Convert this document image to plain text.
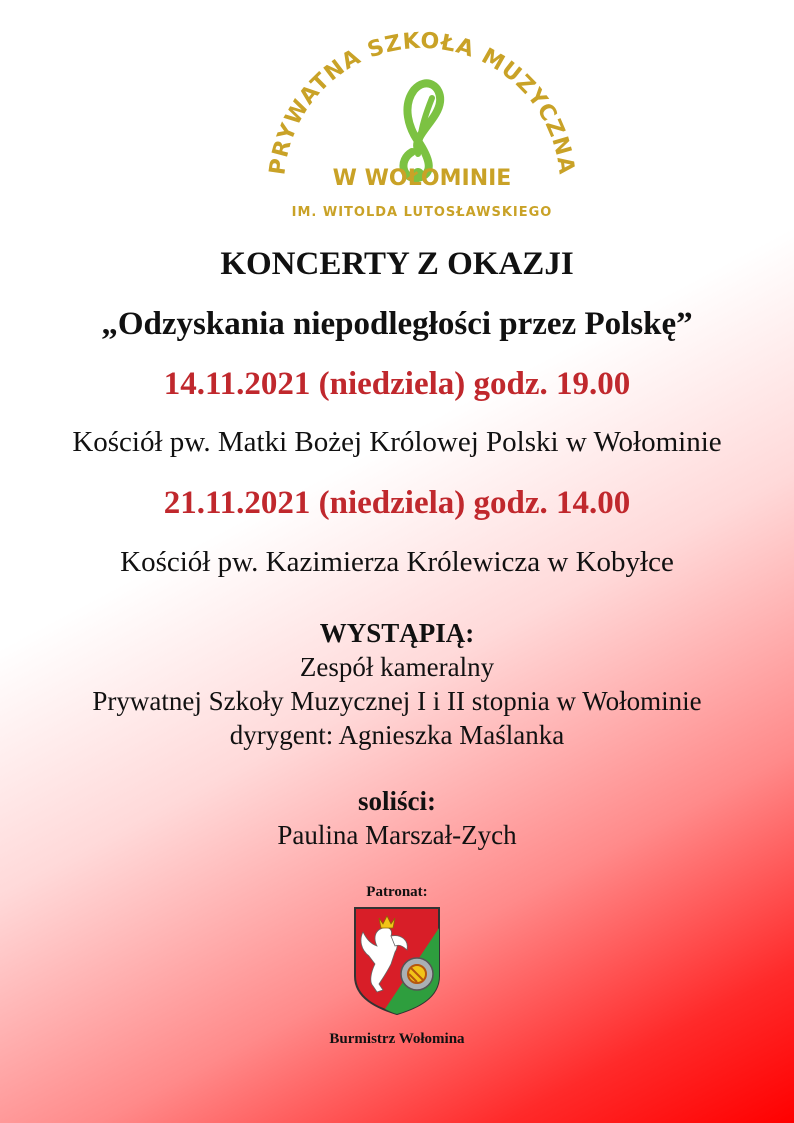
PRYWATNA SZKOŁA MUZYCZNA
W WOŁOMINIE
IM. WITOLDA LUTOSŁAWSKIEGO
KONCERTY Z OKAZJI
„Odzyskania niepodległości przez Polskę”
14.11.2021 (niedziela) godz. 19.00
Kościół pw. Matki Bożej Królowej Polski w Wołominie
21.11.2021 (niedziela) godz. 14.00
Kościół pw. Kazimierza Królewicza w Kobyłce
WYSTĄPIĄ:
Zespół kameralny
Prywatnej Szkoły Muzycznej I i II stopnia w Wołominie
dyrygent: Agnieszka Maślanka
soliści:
Paulina Marszał-Zych
Patronat:
Burmistrz Wołomina
